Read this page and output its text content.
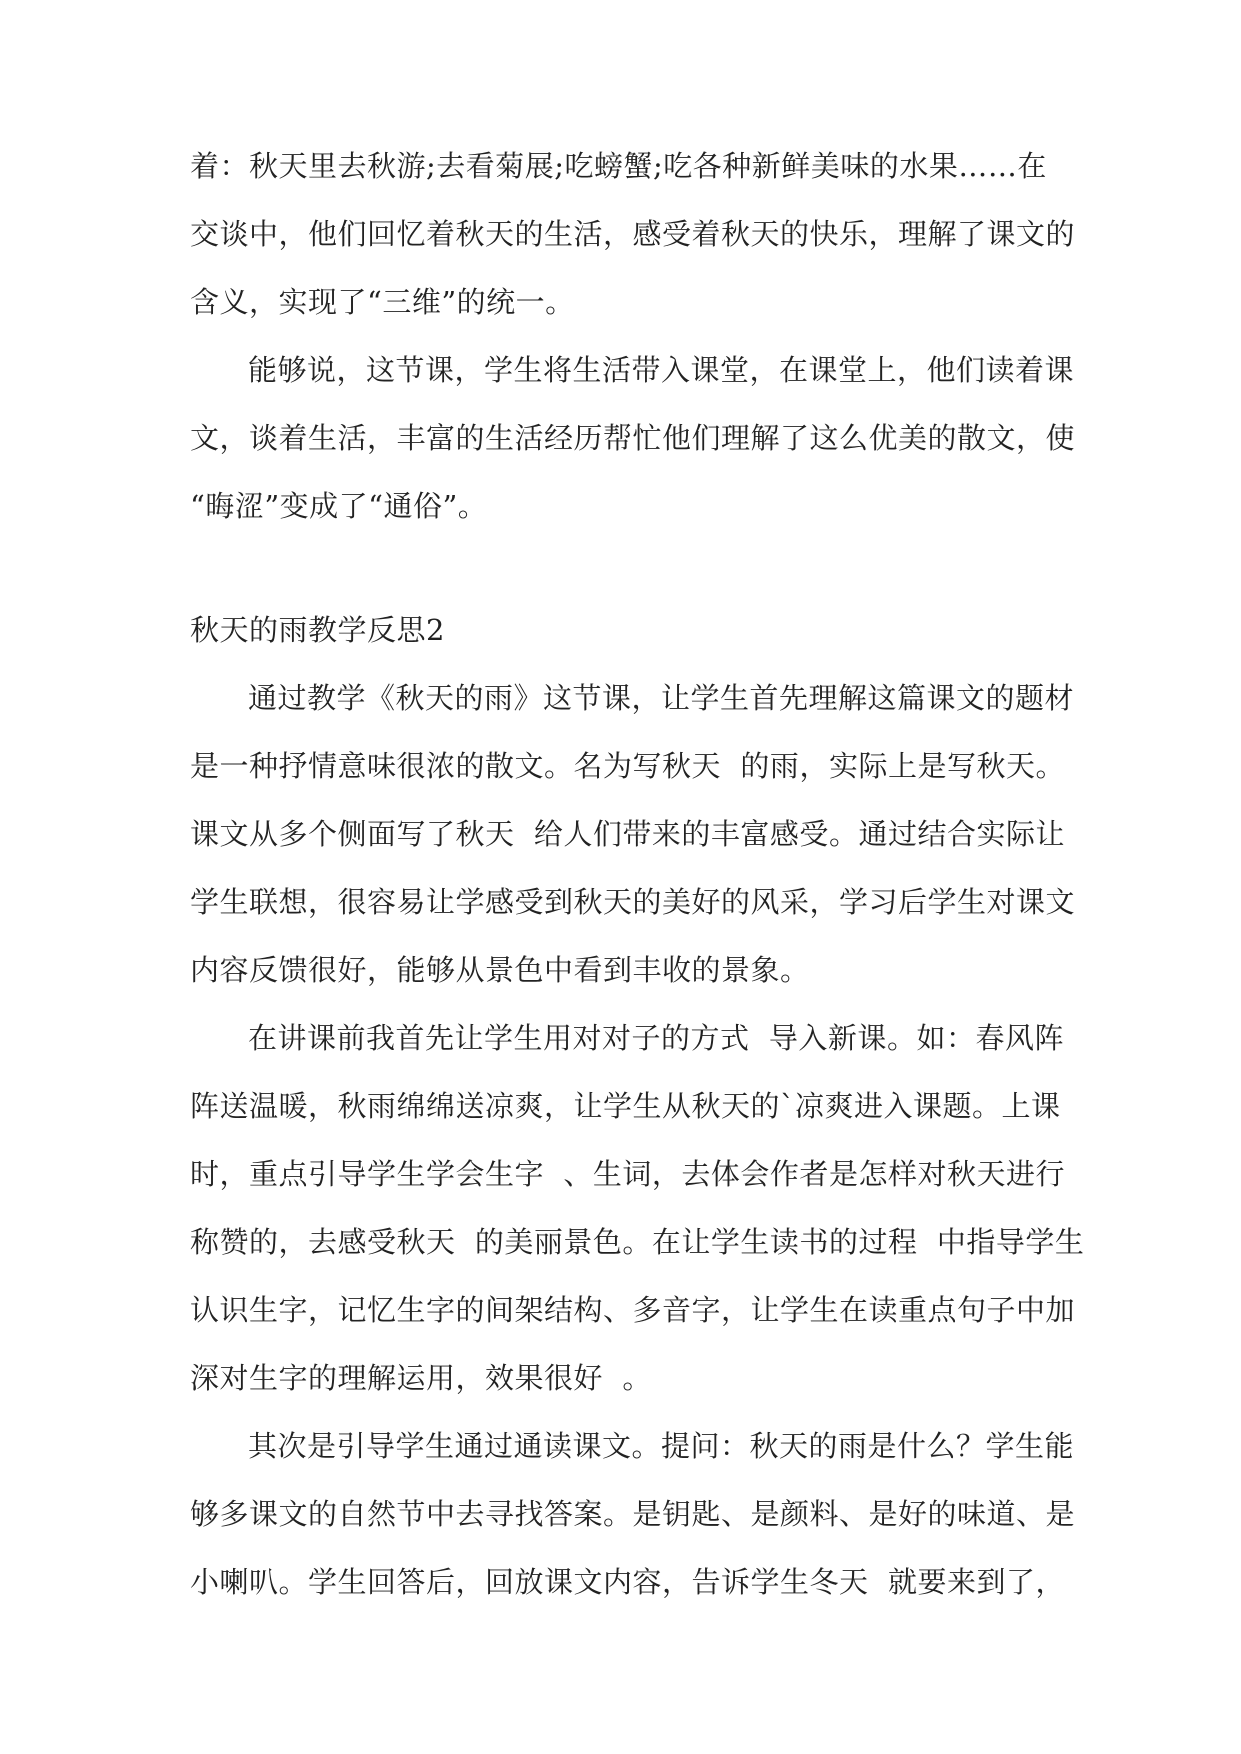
着：秋天里去秋游;去看菊展;吃螃蟹;吃各种新鲜美味的水果……在
交谈中，他们回忆着秋天的生活，感受着秋天的快乐，理解了课文的
含义，实现了“三维”的统一。
能够说，这节课，学生将生活带入课堂，在课堂上，他们读着课
文，谈着生活，丰富的生活经历帮忙他们理解了这么优美的散文，使
“晦涩”变成了“通俗”。
秋天的雨教学反思2
通过教学《秋天的雨》这节课，让学生首先理解这篇课文的题材
是一种抒情意味很浓的散文。名为写秋天  的雨，实际上是写秋天。
课文从多个侧面写了秋天  给人们带来的丰富感受。通过结合实际让
学生联想，很容易让学感受到秋天的美好的风采，学习后学生对课文
内容反馈很好，能够从景色中看到丰收的景象。
在讲课前我首先让学生用对对子的方式  导入新课。如：春风阵
阵送温暖，秋雨绵绵送凉爽，让学生从秋天的`凉爽进入课题。上课
时，重点引导学生学会生字  、生词，去体会作者是怎样对秋天进行
称赞的，去感受秋天  的美丽景色。在让学生读书的过程  中指导学生
认识生字，记忆生字的间架结构、多音字，让学生在读重点句子中加
深对生字的理解运用，效果很好  。
其次是引导学生通过通读课文。提问：秋天的雨是什么？学生能
够多课文的自然节中去寻找答案。是钥匙、是颜料、是好的味道、是
小喇叭。学生回答后，回放课文内容，告诉学生冬天  就要来到了，
